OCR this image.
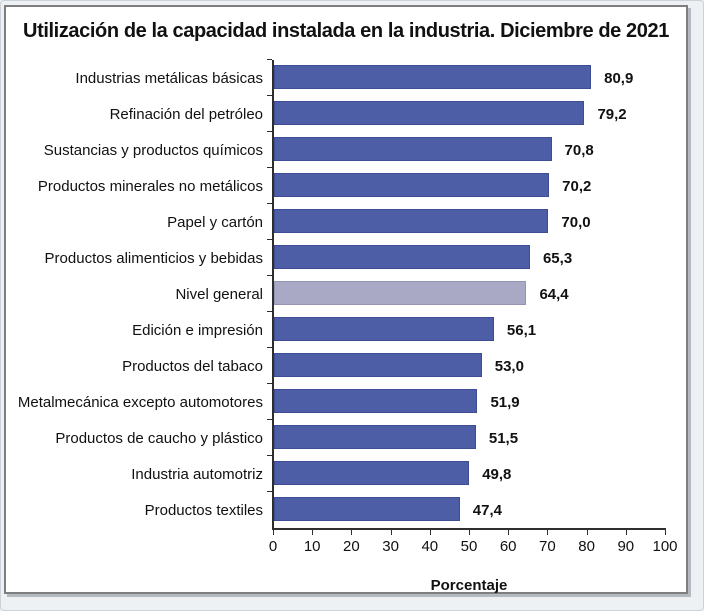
Utilización de la capacidad instalada en la industria. Diciembre de 2021
Industrias metálicas básicas	80,9
Refinación del petróleo	79,2
Sustancias y productos químicos	70,8
Productos minerales no metálicos	70,2
Papel y cartón	70,0
Productos alimenticios y bebidas	65,3
Nivel general	64,4
Edición e impresión	56,1
Productos del tabaco	53,0
Metalmecánica excepto automotores	51,9
Productos de caucho y plástico	51,5
Industria automotriz	49,8
Productos textiles	47,4
0 10 20 30 40 50 60 70 80 90 100
Porcentaje
